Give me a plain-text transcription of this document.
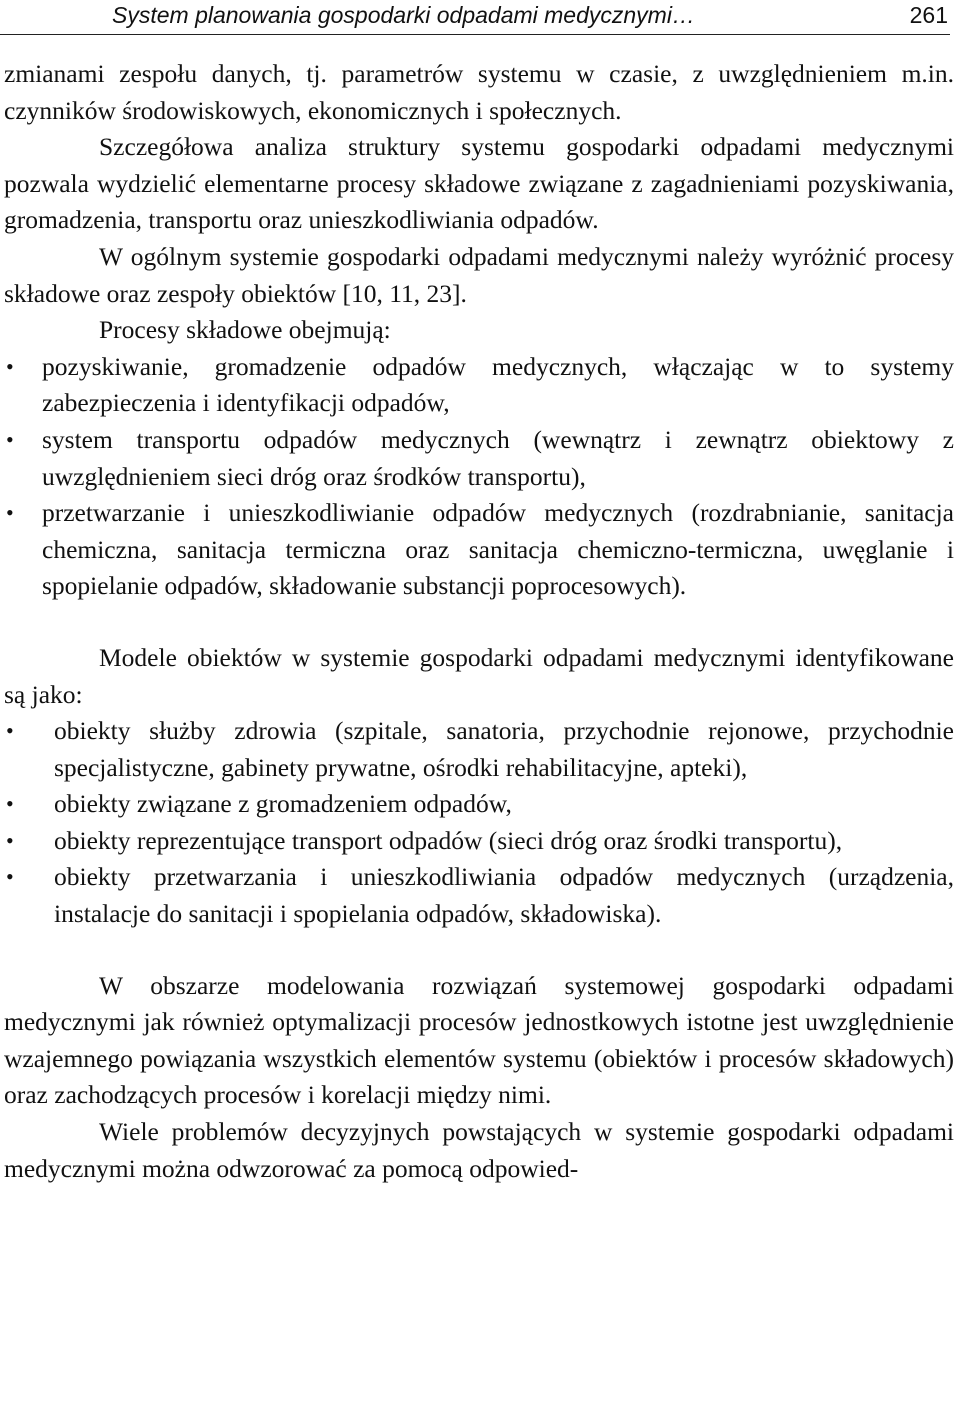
System planowania gospodarki odpadami medycznymi…	261

zmianami zespołu danych, tj. parametrów systemu w czasie, z uwzględnieniem m.in. czynników środowiskowych, ekonomicznych i społecznych.

Szczegółowa analiza struktury systemu gospodarki odpadami medycznymi pozwala wydzielić elementarne procesy składowe związane z zagadnieniami pozyskiwania, gromadzenia, transportu oraz unieszkodliwiania odpadów.

W ogólnym systemie gospodarki odpadami medycznymi należy wyróżnić procesy składowe oraz zespoły obiektów [10, 11, 23].

Procesy składowe obejmują:

• pozyskiwanie, gromadzenie odpadów medycznych, włączając w to systemy zabezpieczenia i identyfikacji odpadów,
• system transportu odpadów medycznych (wewnątrz i zewnątrz obiektowy z uwzględnieniem sieci dróg oraz środków transportu),
• przetwarzanie i unieszkodliwianie odpadów medycznych (rozdrabnianie, sanitacja chemiczna, sanitacja termiczna oraz sanitacja chemiczno-termiczna, uwęglanie i spopielanie odpadów, składowanie substancji poprocesowych).

Modele obiektów w systemie gospodarki odpadami medycznymi identyfikowane są jako:

• obiekty służby zdrowia (szpitale, sanatoria, przychodnie rejonowe, przychodnie specjalistyczne, gabinety prywatne, ośrodki rehabilitacyjne, apteki),
• obiekty związane z gromadzeniem odpadów,
• obiekty reprezentujące transport odpadów (sieci dróg oraz środki transportu),
• obiekty przetwarzania i unieszkodliwiania odpadów medycznych (urządzenia, instalacje do sanitacji i spopielania odpadów, składowiska).

W obszarze modelowania rozwiązań systemowej gospodarki odpadami medycznymi jak również optymalizacji procesów jednostkowych istotne jest uwzględnienie wzajemnego powiązania wszystkich elementów systemu (obiektów i procesów składowych) oraz zachodzących procesów i korelacji między nimi.

Wiele problemów decyzyjnych powstających w systemie gospodarki odpadami medycznymi można odwzorować za pomocą odpowied-
